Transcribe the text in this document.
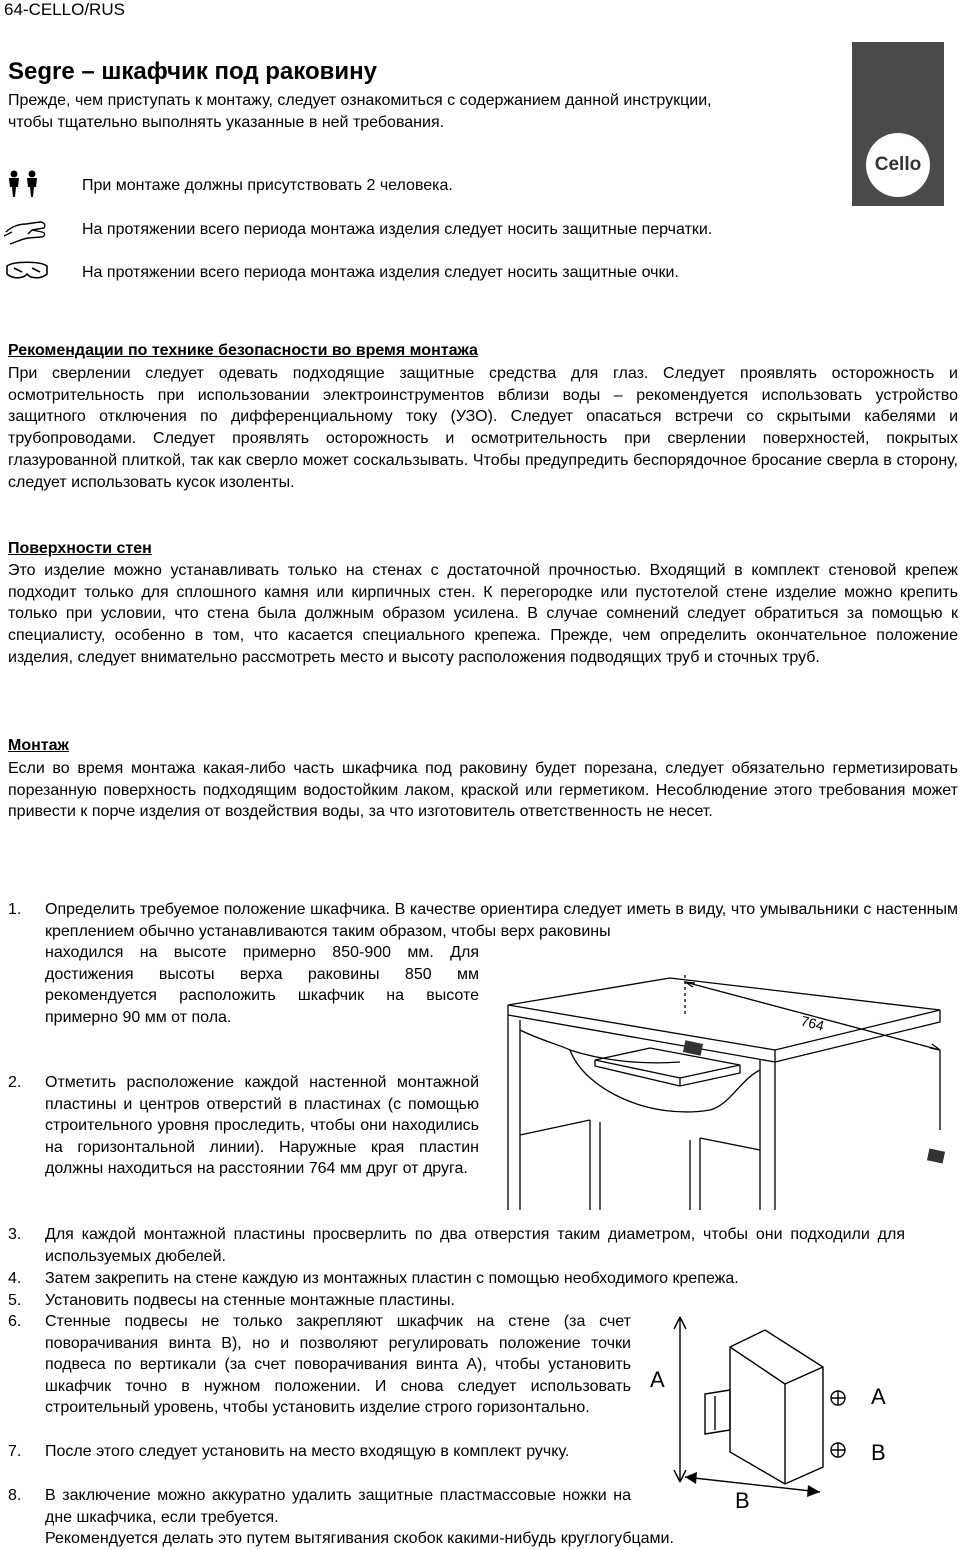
64-CELLO/RUS
Segre – шкафчик под раковину
Прежде, чем приступать к монтажу, следует ознакомиться с содержанием данной инструкции, чтобы тщательно выполнять указанные в ней требования.
Cello
При монтаже должны присутствовать 2 человека.
На протяжении всего периода монтажа изделия следует носить защитные перчатки.
На протяжении всего периода монтажа изделия следует носить защитные очки.
Рекомендации по технике безопасности во время монтажа
При сверлении следует одевать подходящие защитные средства для глаз. Следует проявлять осторожность и осмотрительность при использовании электроинструментов вблизи воды – рекомендуется использовать устройство защитного отключения по дифференциальному току (УЗО). Следует опасаться встречи со скрытыми кабелями и трубопроводами. Следует проявлять осторожность и осмотрительность при сверлении поверхностей, покрытых глазурованной плиткой, так как сверло может соскальзывать. Чтобы предупредить беспорядочное бросание сверла в сторону, следует использовать кусок изоленты.
Поверхности стен
Это изделие можно устанавливать только на стенах с достаточной прочностью. Входящий в комплект стеновой крепеж подходит только для сплошного камня или кирпичных стен. К перегородке или пустотелой стене изделие можно крепить только при условии, что стена была должным образом усилена. В случае сомнений следует обратиться за помощью к специалисту, особенно в том, что касается специального крепежа. Прежде, чем определить окончательное положение изделия, следует внимательно рассмотреть место и высоту расположения подводящих труб и сточных труб.
Монтаж
Если во время монтажа какая-либо часть шкафчика под раковину будет порезана, следует обязательно герметизировать порезанную поверхность подходящим водостойким лаком, краской или герметиком. Несоблюдение этого требования может привести к порче изделия от воздействия воды, за что изготовитель ответственность не несет.
1. Определить требуемое положение шкафчика. В качестве ориентира следует иметь в виду, что умывальники с настенным креплением обычно устанавливаются таким образом, чтобы верх раковины
находился на высоте примерно 850-900 мм. Для достижения высоты верха раковины 850 мм рекомендуется расположить шкафчик на высоте примерно 90 мм от пола.
2. Отметить расположение каждой настенной монтажной пластины и центров отверстий в пластинах (с помощью строительного уровня проследить, чтобы они находились на горизонтальной линии). Наружные края пластин должны находиться на расстоянии 764 мм друг от друга.
3. Для каждой монтажной пластины просверлить по два отверстия таким диаметром, чтобы они подходили для используемых дюбелей.
4. Затем закрепить на стене каждую из монтажных пластин с помощью необходимого крепежа.
5. Установить подвесы на стенные монтажные пластины.
6. Стенные подвесы не только закрепляют шкафчик на стене (за счет поворачивания винта B), но и позволяют регулировать положение точки подвеса по вертикали (за счет поворачивания винта A), чтобы установить шкафчик точно в нужном положении. И снова следует использовать строительный уровень, чтобы установить изделие строго горизонтально.
7. После этого следует установить на место входящую в комплект ручку.
8. В заключение можно аккуратно удалить защитные пластмассовые ножки на дне шкафчика, если требуется.
Рекомендуется делать это путем вытягивания скобок какими-нибудь круглогубцами.
764
A
A
B
B
